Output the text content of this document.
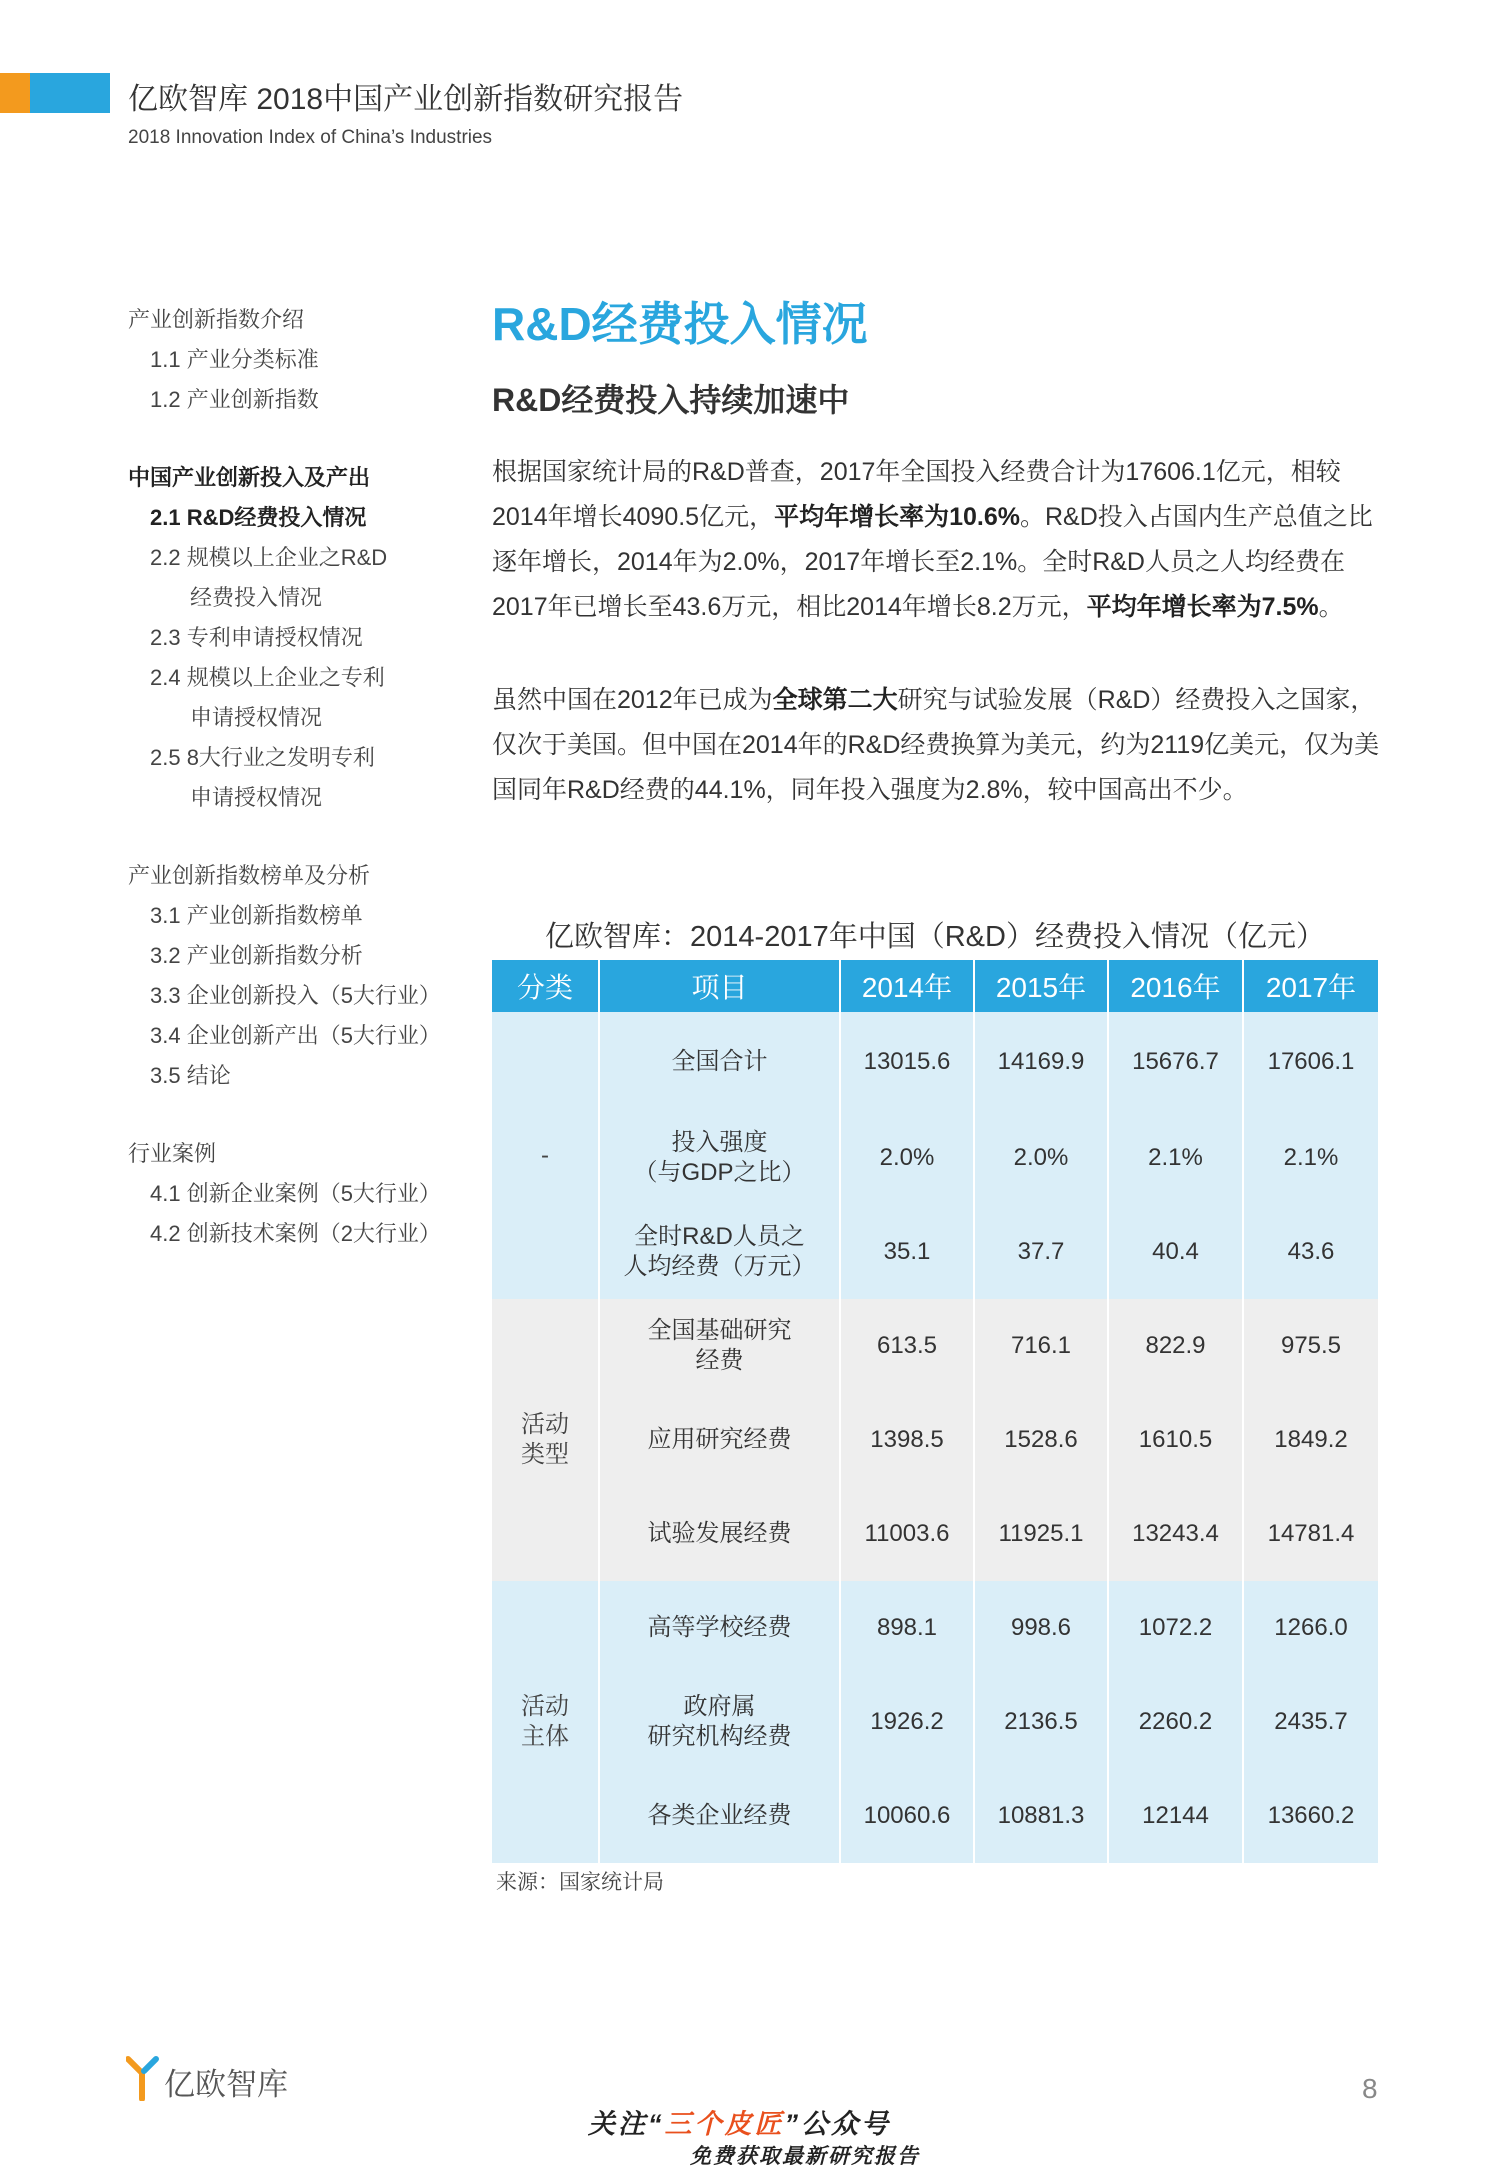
亿欧智库 2018中国产业创新指数研究报告
2018 Innovation Index of China’s Industries
产业创新指数介绍
1.1 产业分类标准
1.2 产业创新指数
中国产业创新投入及产出
2.1 R&D经费投入情况
2.2 规模以上企业之R&D
经费投入情况
2.3 专利申请授权情况
2.4 规模以上企业之专利
申请授权情况
2.5 8大行业之发明专利
申请授权情况
产业创新指数榜单及分析
3.1 产业创新指数榜单
3.2 产业创新指数分析
3.3 企业创新投入（5大行业）
3.4 企业创新产出（5大行业）
3.5 结论
行业案例
4.1 创新企业案例（5大行业）
4.2 创新技术案例（2大行业）
R&D经费投入情况
R&D经费投入持续加速中

根据国家统计局的R&D普查，2017年全国投入经费合计为17606.1亿元，相较2014年增长4090.5亿元，平均年增长率为10.6%。R&D投入占国内生产总值之比逐年增长，2014年为2.0%，2017年增长至2.1%。全时R&D人员之人均经费在2017年已增长至43.6万元，相比2014年增长8.2万元，平均年增长率为7.5%。

虽然中国在2012年已成为全球第二大研究与试验发展（R&D）经费投入之国家，仅次于美国。但中国在2014年的R&D经费换算为美元，约为2119亿美元，仅为美国同年R&D经费的44.1%，同年投入强度为2.8%，较中国高出不少。

亿欧智库：2014-2017年中国（R&D）经费投入情况（亿元）
分类	项目	2014年	2015年	2016年	2017年
-	全国合计	13015.6	14169.9	15676.7	17606.1
	投入强度
（与GDP之比）	2.0%	2.0%	2.1%	2.1%
	全时R&D人员之
人均经费（万元）	35.1	37.7	40.4	43.6
活动
类型	全国基础研究
经费	613.5	716.1	822.9	975.5
	应用研究经费	1398.5	1528.6	1610.5	1849.2
	试验发展经费	11003.6	11925.1	13243.4	14781.4
活动
主体	高等学校经费	898.1	998.6	1072.2	1266.0
	政府属
研究机构经费	1926.2	2136.5	2260.2	2435.7
	各类企业经费	10060.6	10881.3	12144	13660.2
来源：国家统计局
亿欧智库	8
关注“三个皮匠”公众号
免费获取最新研究报告
